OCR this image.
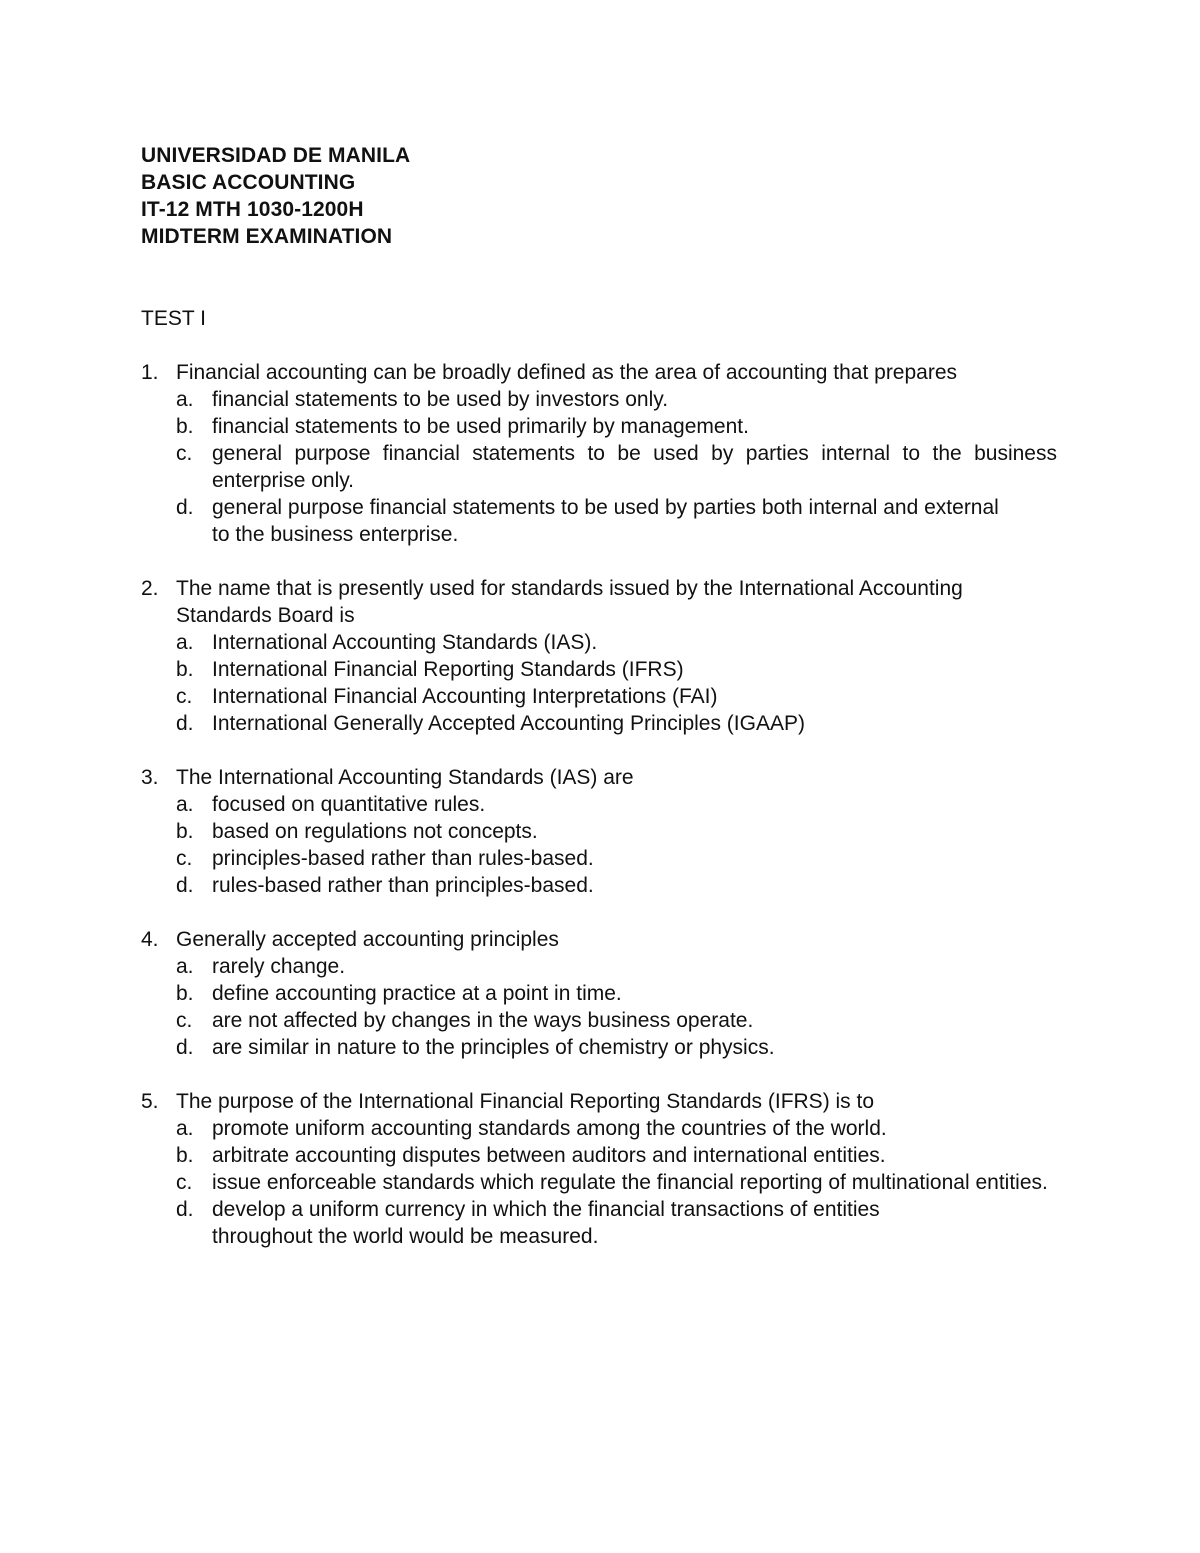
UNIVERSIDAD DE MANILA
BASIC ACCOUNTING
IT-12 MTH 1030-1200H
MIDTERM EXAMINATION
TEST I
1. Financial accounting can be broadly defined as the area of accounting that prepares
a. financial statements to be used by investors only.
b. financial statements to be used primarily by management.
c. general purpose financial statements to be used by parties internal to the business enterprise only.
d. general purpose financial statements to be used by parties both internal and external to the business enterprise.
2. The name that is presently used for standards issued by the International Accounting Standards Board is
a. International Accounting Standards (IAS).
b. International Financial Reporting Standards (IFRS)
c. International Financial Accounting Interpretations (FAI)
d. International Generally Accepted Accounting Principles (IGAAP)
3. The International Accounting Standards (IAS) are
a. focused on quantitative rules.
b. based on regulations not concepts.
c. principles-based rather than rules-based.
d. rules-based rather than principles-based.
4. Generally accepted accounting principles
a. rarely change.
b. define accounting practice at a point in time.
c. are not affected by changes in the ways business operate.
d. are similar in nature to the principles of chemistry or physics.
5. The purpose of the International Financial Reporting Standards (IFRS) is to
a. promote uniform accounting standards among the countries of the world.
b. arbitrate accounting disputes between auditors and international entities.
c. issue enforceable standards which regulate the financial reporting of multinational entities.
d. develop a uniform currency in which the financial transactions of entities throughout the world would be measured.
